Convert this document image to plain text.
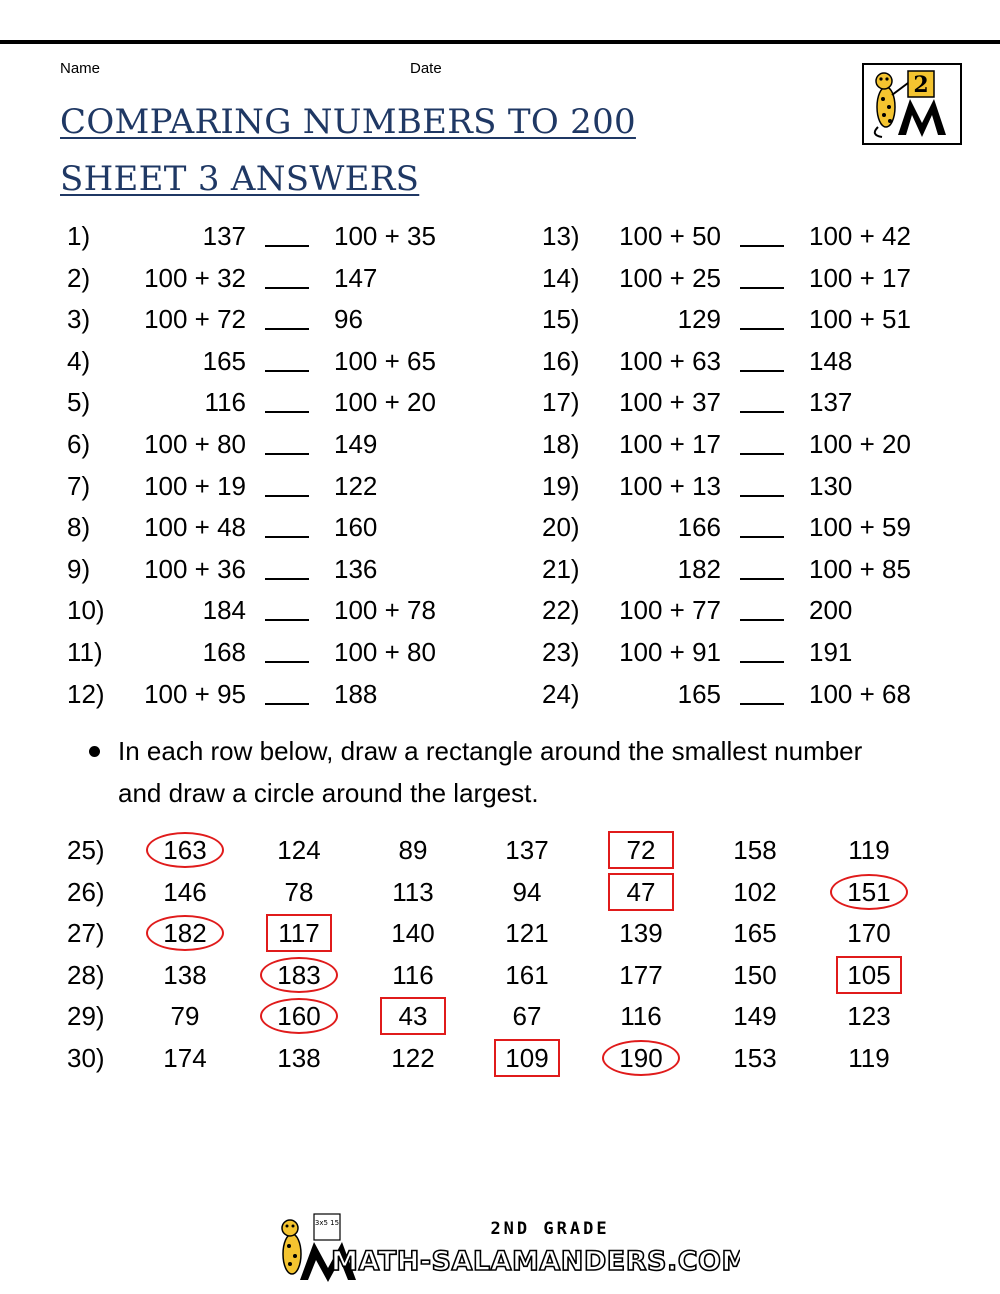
Name	Date
COMPARING NUMBERS TO 200
SHEET 3 ANSWERS
2
1)	137	100 + 35
2) 100 + 32	147
3) 100 + 72	96
4)	165	100 + 65
5)	116	100 + 20
6) 100 + 80	149
7) 100 + 19	122
8) 100 + 48	160
9) 100 + 36	136
10)	184	100 + 78
11)	168	100 + 80
12) 100 + 95	188
13) 100 + 50	100 + 42
14) 100 + 25	100 + 17
15)	129	100 + 51
16) 100 + 63	148
17) 100 + 37	137
18) 100 + 17	100 + 20
19) 100 + 13	130
20)	166	100 + 59
21)	182	100 + 85
22) 100 + 77	200
23) 100 + 91	191
24)	165	100 + 68
In each row below, draw a rectangle around the smallest number
and draw a circle around the largest.
25)	163	124	89	137	72	158	119
26)	146	78	113	94	47	102	151
27)	182	117	140	121	139	165	170
28)	138	183	116	161	177	150	105
29)	79	160	43	67	116	149	123
30)	174	138	122	109	190	153	119
3x5 15	2ND GRADE
MATH-SALAMANDERS.COM
